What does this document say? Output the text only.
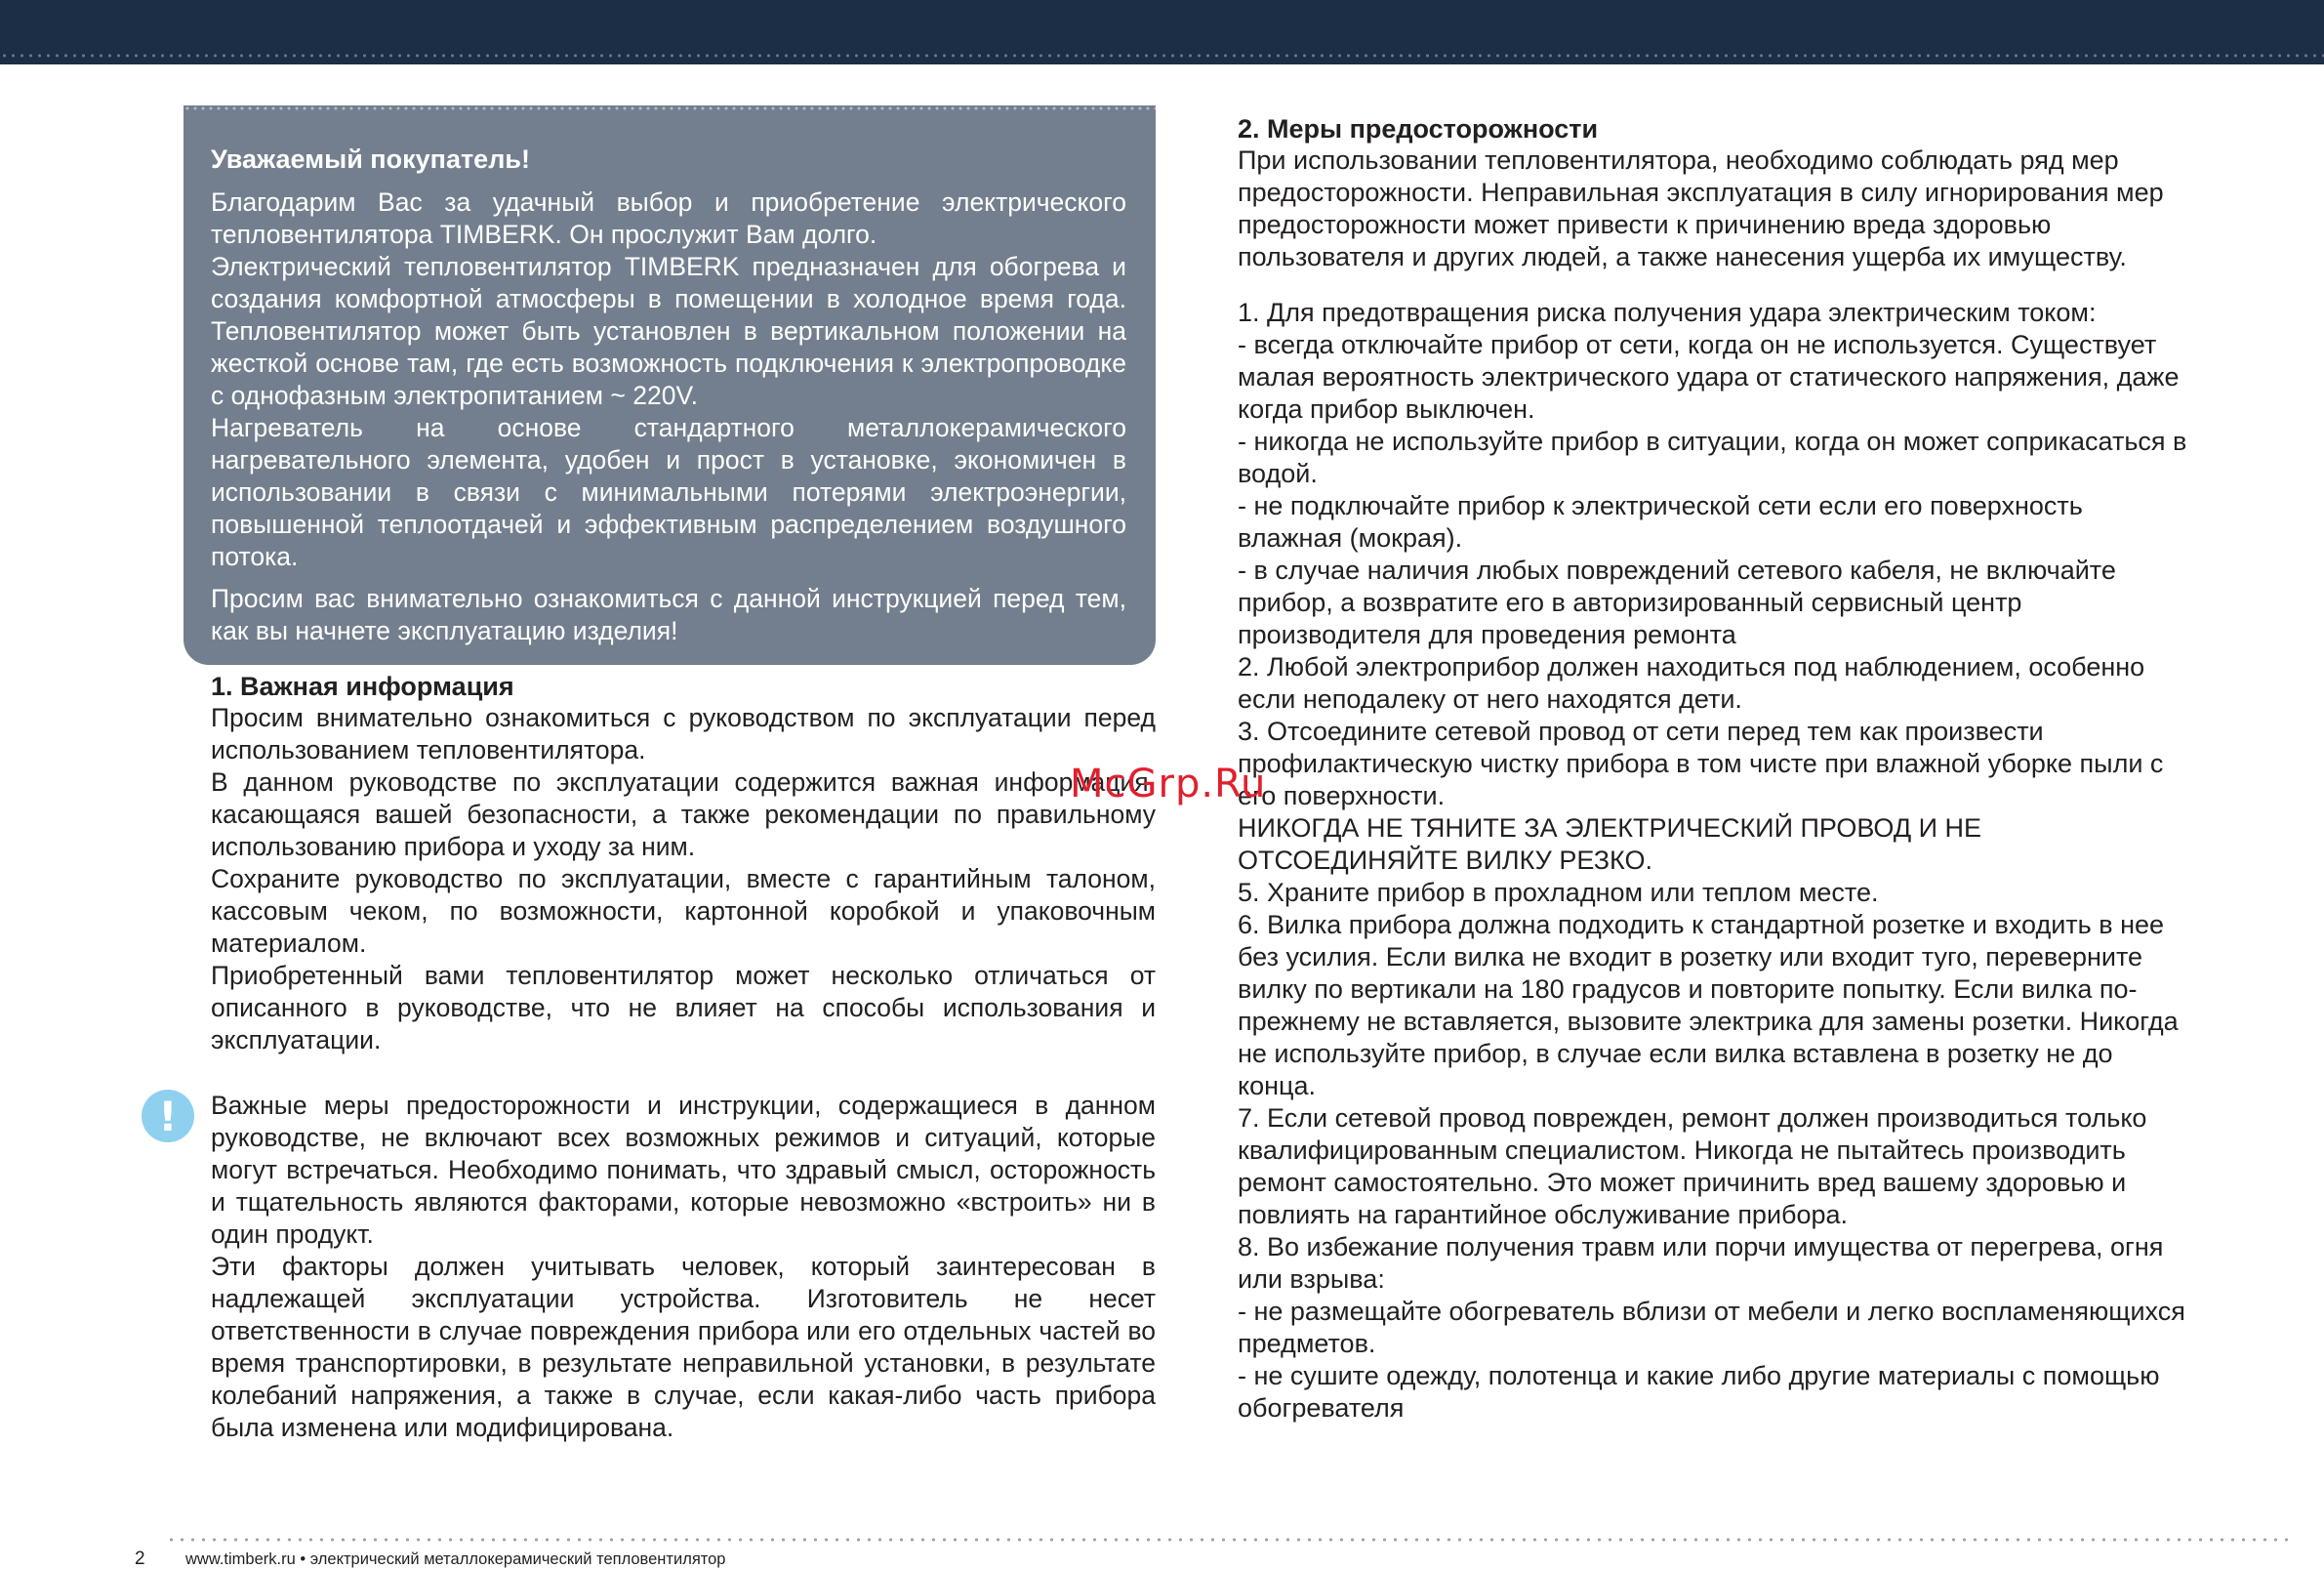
Уважаемый покупатель!

Благодарим Вас за удачный выбор и приобретение электрического тепловентилятора TIMBERK. Он прослужит Вам долго.

Электрический тепловентилятор TIMBERK предназначен для обогрева и создания комфортной атмосферы в помещении в холодное время года. Тепловентилятор может быть установлен в вертикальном положении на жесткой основе там, где есть возможность подключения к электропроводке с однофазным электропитанием ~ 220V.

Нагреватель на основе стандартного металлокерамического нагревательного элемента, удобен и прост в установке, экономичен в использовании в связи с минимальными потерями электроэнергии, повышенной теплоотдачей и эффективным распределением воздушного потока.

Просим вас внимательно ознакомиться с данной инструкцией перед тем, как вы начнете эксплуатацию изделия!

1. Важная информация

Просим внимательно ознакомиться с руководством по эксплуатации перед использованием тепловентилятора.

В данном руководстве по эксплуатации содержится важная информация, касающаяся вашей безопасности, а также рекомендации по правильному использованию прибора и уходу за ним.

Сохраните руководство по эксплуатации, вместе с гарантийным талоном, кассовым чеком, по возможности, картонной коробкой и упаковочным материалом.

Приобретенный вами тепловентилятор может несколько отличаться от описанного в руководстве, что не влияет на способы использования и эксплуатации.

!	Важные меры предосторожности и инструкции, содержащиеся в данном руководстве, не включают всех возможных режимов и ситуаций, которые могут встречаться. Необходимо понимать, что здравый смысл, осторожность и тщательность являются факторами, которые невозможно «встроить» ни в один продукт.

Эти факторы должен учитывать человек, который заинтересован в надлежащей эксплуатации устройства. Изготовитель не несет ответственности в случае повреждения прибора или его отдельных частей во время транспортировки, в результате неправильной установки, в результате колебаний напряжения, а также в случае, если какая-либо часть прибора была изменена или модифицирована.

2. Меры предосторожности

При использовании тепловентилятора, необходимо соблюдать ряд мер предосторожности. Неправильная эксплуатация в силу игнорирования мер предосторожности может привести к причинению вреда здоровью пользователя и других людей, а также нанесения ущерба их имуществу.

1. Для предотвращения риска получения удара электрическим током:

- всегда отключайте прибор от сети, когда он не используется. Существует малая вероятность электрического удара от статического напряжения, даже когда прибор выключен.

- никогда не используйте прибор в ситуации, когда он может соприкасаться в водой.

- не подключайте прибор к электрической сети если его поверхность влажная (мокрая).

- в случае наличия любых повреждений сетевого кабеля, не включайте прибор, а возвратите его в авторизированный сервисный центр производителя для проведения ремонта

2. Любой электроприбор должен находиться под наблюдением, особенно если неподалеку от него находятся дети.

3. Отсоедините сетевой провод от сети перед тем как произвести профилактическую чистку прибора в том чисте при влажной уборке пыли с его поверхности.

НИКОГДА НЕ ТЯНИТЕ ЗА ЭЛЕКТРИЧЕСКИЙ ПРОВОД И НЕ ОТСОЕДИНЯЙТЕ ВИЛКУ РЕЗКО.

5. Храните прибор в прохладном или теплом месте.

6. Вилка прибора должна подходить к стандартной розетке и входить в нее без усилия. Если вилка не входит в розетку или входит туго, переверните вилку по вертикали на 180 градусов и повторите попытку. Если вилка по-прежнему не вставляется, вызовите электрика для замены розетки. Никогда не используйте прибор, в случае если вилка вставлена в розетку не до конца.

7. Если сетевой провод поврежден, ремонт должен производиться только квалифицированным специалистом. Никогда не пытайтесь производить ремонт самостоятельно. Это может причинить вред вашему здоровью и повлиять на гарантийное обслуживание прибора.

8. Во избежание получения травм или порчи имущества от перегрева, огня или взрыва:

- не размещайте обогреватель вблизи от мебели и легко воспламеняющихся предметов.

- не сушите одежду, полотенца и какие либо другие материалы с помощью обогревателя

McGrp.Ru
2	www.timberk.ru • электрический металлокерамический тепловентилятор
